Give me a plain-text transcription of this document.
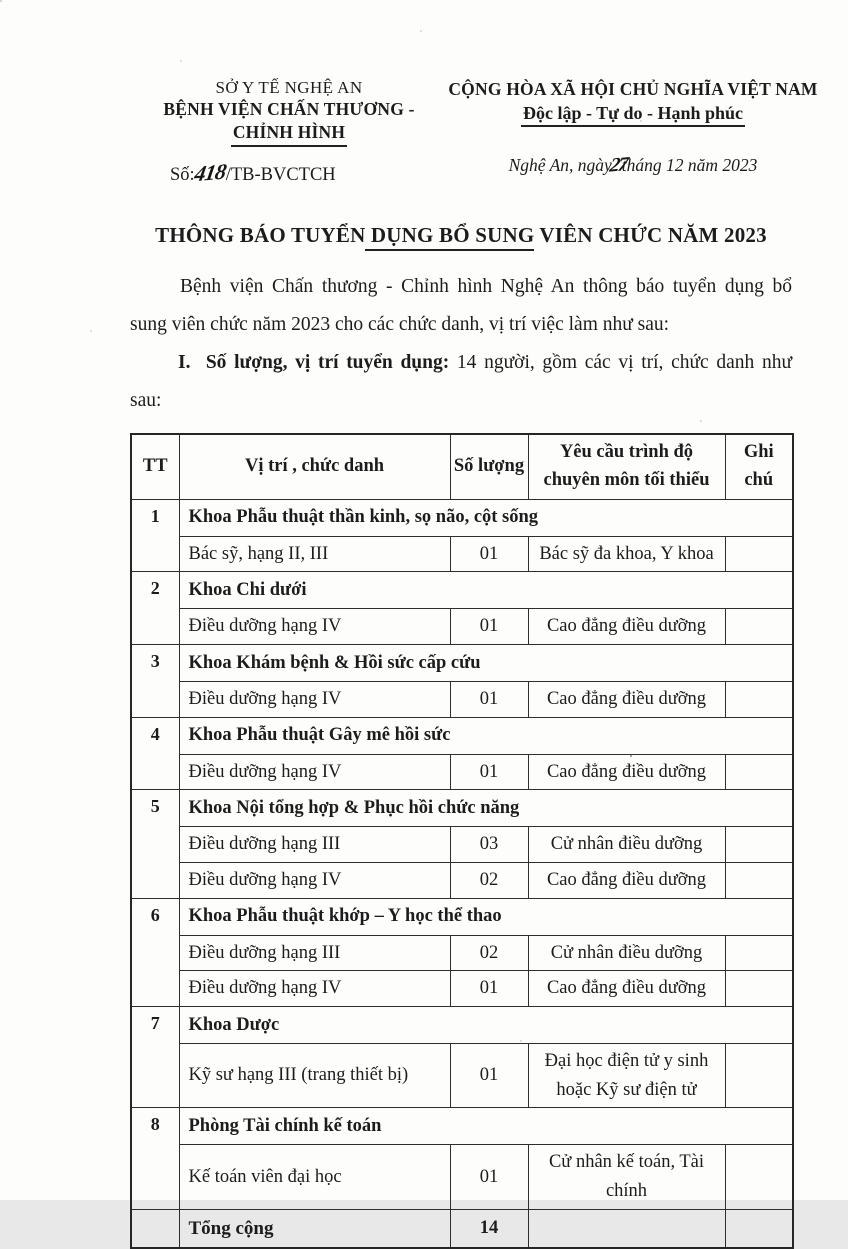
SỞ Y TẾ NGHỆ AN
BỆNH VIỆN CHẤN THƯƠNG -
CHỈNH HÌNH
Số:418/TB-BVCTCH
CỘNG HÒA XÃ HỘI CHỦ NGHĨA VIỆT NAM
Độc lập - Tự do - Hạnh phúc
Nghệ An, ngày27tháng 12 năm 2023
THÔNG BÁO TUYỂN DỤNG BỔ SUNG VIÊN CHỨC NĂM 2023
Bệnh viện Chấn thương - Chỉnh hình Nghệ An thông báo tuyển dụng bổ
sung viên chức năm 2023 cho các chức danh, vị trí việc làm như sau:
I. Số lượng, vị trí tuyển dụng: 14 người, gồm các vị trí, chức danh như
sau:
TT	Vị trí , chức danh	Số lượng	Yêu cầu trình độ chuyên môn tối thiểu	Ghi chú
1	Khoa Phẫu thuật thần kinh, sọ não, cột sống			
	Bác sỹ, hạng II, III	01	Bác sỹ đa khoa, Y khoa	
2	Khoa Chi dưới			
	Điều dưỡng hạng IV	01	Cao đẳng điều dưỡng	
3	Khoa Khám bệnh & Hồi sức cấp cứu			
	Điều dưỡng hạng IV	01	Cao đẳng điều dưỡng	
4	Khoa Phẫu thuật Gây mê hồi sức			
	Điều dưỡng hạng IV	01	Cao đẳng điều dưỡng	
5	Khoa Nội tổng hợp & Phục hồi chức năng			
	Điều dưỡng hạng III	03	Cử nhân điều dưỡng	
	Điều dưỡng hạng IV	02	Cao đẳng điều dưỡng	
6	Khoa Phẫu thuật khớp – Y học thể thao			
	Điều dưỡng hạng III	02	Cử nhân điều dưỡng	
	Điều dưỡng hạng IV	01	Cao đẳng điều dưỡng	
7	Khoa Dược			
	Kỹ sư hạng III (trang thiết bị)	01	Đại học điện tử y sinh hoặc Kỹ sư điện tử	
8	Phòng Tài chính kế toán			
	Kế toán viên đại học	01	Cử nhân kế toán, Tài chính	
	Tổng cộng	14		
